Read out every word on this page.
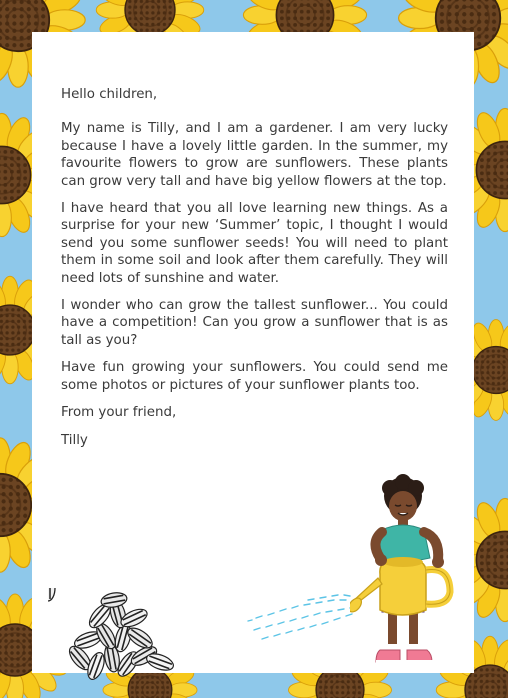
Hello children,

My name is Tilly, and I am a gardener. I am very lucky because I have a lovely little garden. In the summer, my favourite flowers to grow are sunflowers. These plants can grow very tall and have big yellow flowers at the top.

I have heard that you all love learning new things. As a surprise for your new ‘Summer’ topic, I thought I would send you some sunflower seeds! You will need to plant them in some soil and look after them carefully. They will need lots of sunshine and water.

I wonder who can grow the tallest sunflower... You could have a competition! Can you grow a sunflower that is as tall as you?

Have fun growing your sunflowers. You could send me some photos or pictures of your sunflower plants too.

From your friend,

Tilly
